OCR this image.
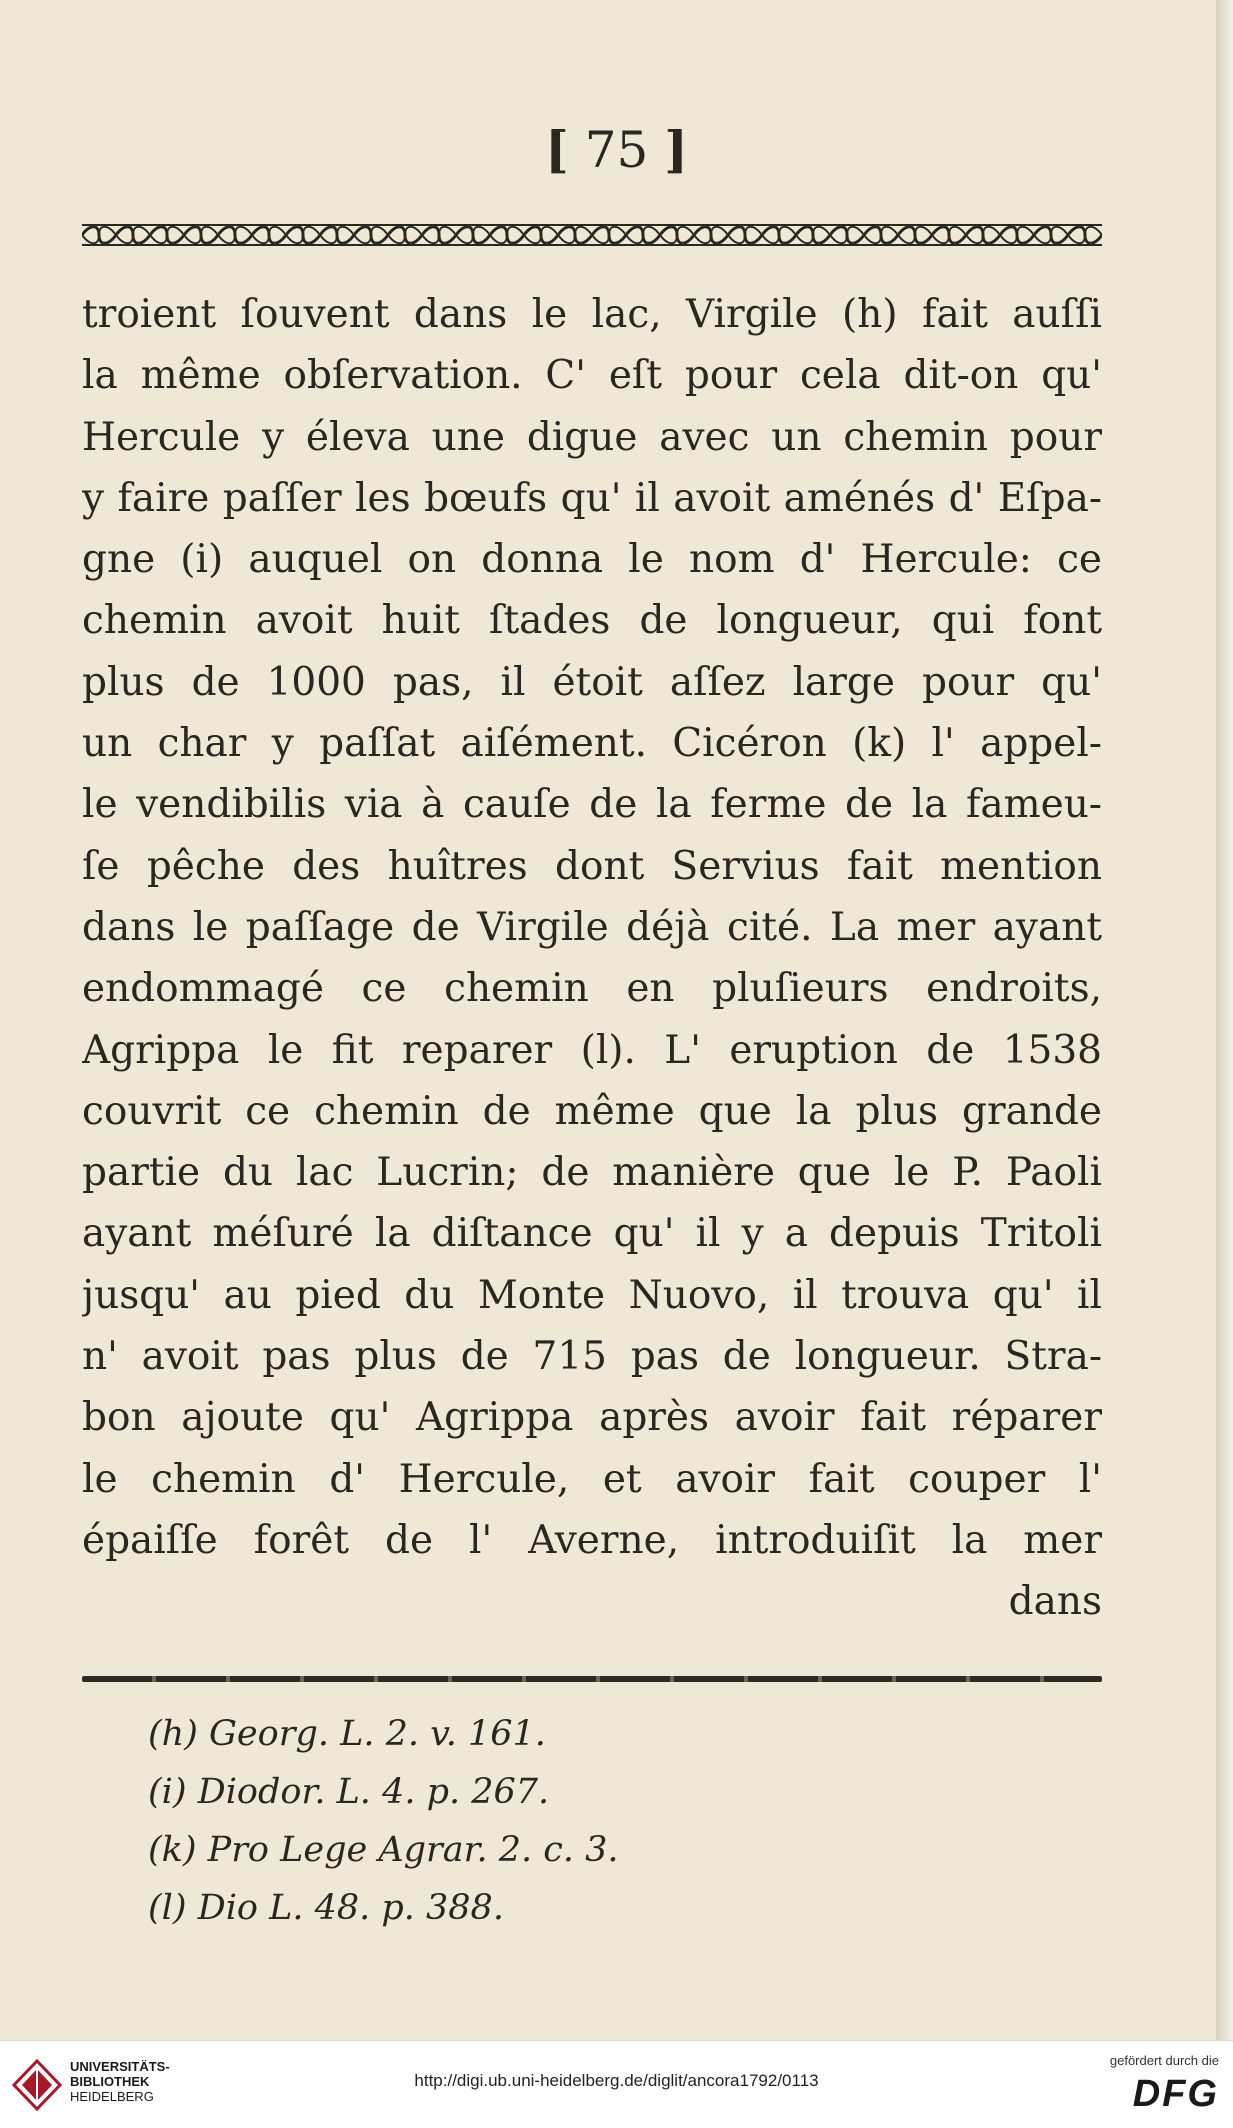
[ 75 ]
troient ſouvent dans le lac, Virgile (h) fait auſſi
la même obſervation. C' eſt pour cela dit-on qu'
Hercule y éleva une digue avec un chemin pour
y faire paſſer les bœufs qu' il avoit aménés d' Eſpa-
gne (i) auquel on donna le nom d' Hercule: ce
chemin avoit huit ſtades de longueur, qui font
plus de 1000 pas, il étoit aſſez large pour qu'
un char y paſſat aiſément. Cicéron (k) l' appel-
le vendibilis via à cauſe de la ferme de la fameu-
ſe pêche des huîtres dont Servius fait mention
dans le paſſage de Virgile déjà cité. La mer ayant
endommagé ce chemin en pluſieurs endroits,
Agrippa le fit reparer (l). L' eruption de 1538
couvrit ce chemin de même que la plus grande
partie du lac Lucrin; de manière que le P. Paoli
ayant méſuré la diſtance qu' il y a depuis Tritoli
jusqu' au pied du Monte Nuovo, il trouva qu' il
n' avoit pas plus de 715 pas de longueur. Stra-
bon ajoute qu' Agrippa après avoir fait réparer
le chemin d' Hercule, et avoir fait couper l'
épaiſſe forêt de l' Averne, introduiſit la mer
dans
(h) Georg. L. 2. v. 161.
(i) Diodor. L. 4. p. 267.
(k) Pro Lege Agrar. 2. c. 3.
(l) Dio L. 48. p. 388.
UNIVERSITÄTS-
BIBLIOTHEK
HEIDELBERG
http://digi.ub.uni-heidelberg.de/diglit/ancora1792/0113
gefördert durch die
DFG
